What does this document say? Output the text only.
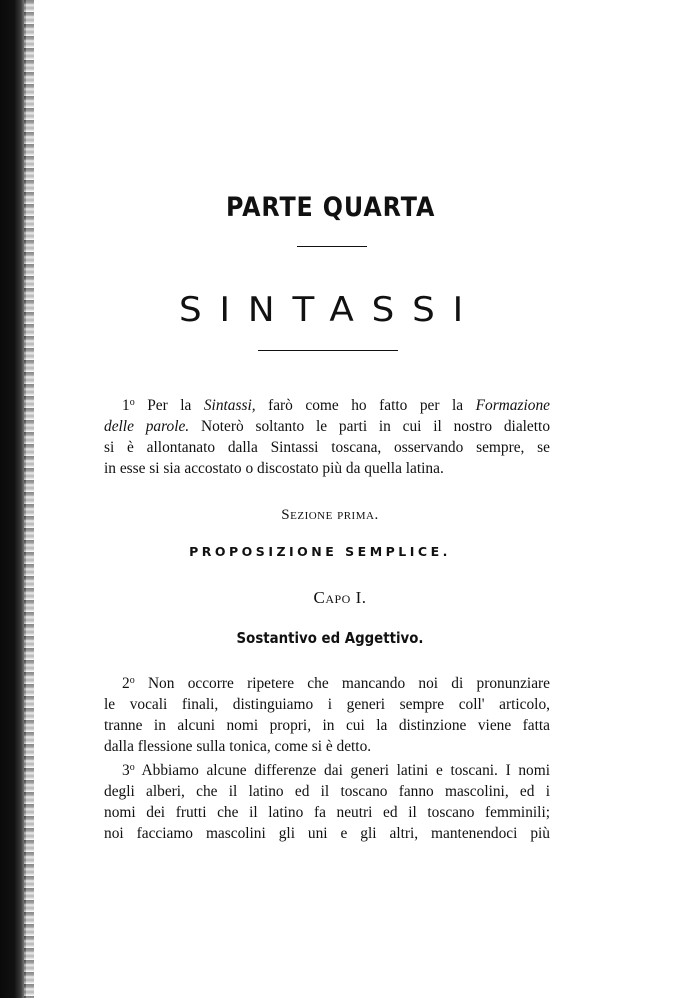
PARTE QUARTA
SINTASSI
1$^o$ Per la Sintassi, farò come ho fatto per la Formazione
delle parole. Noterò soltanto le parti in cui il nostro dialetto
si è allontanato dalla Sintassi toscana, osservando sempre, se
in esse si sia accostato o discostato più da quella latina.
Sezione prima.
PROPOSIZIONE SEMPLICE.
Capo I.
Sostantivo ed Aggettivo.
2$^o$ Non occorre ripetere che mancando noi di pronunziare
le vocali finali, distinguiamo i generi sempre coll' articolo,
tranne in alcuni nomi propri, in cui la distinzione viene fatta
dalla flessione sulla tonica, come si è detto.
3$^o$ Abbiamo alcune differenze dai generi latini e toscani. I nomi
degli alberi, che il latino ed il toscano fanno mascolini, ed i
nomi dei frutti che il latino fa neutri ed il toscano femminili;
noi facciamo mascolini gli uni e gli altri, mantenendoci più
